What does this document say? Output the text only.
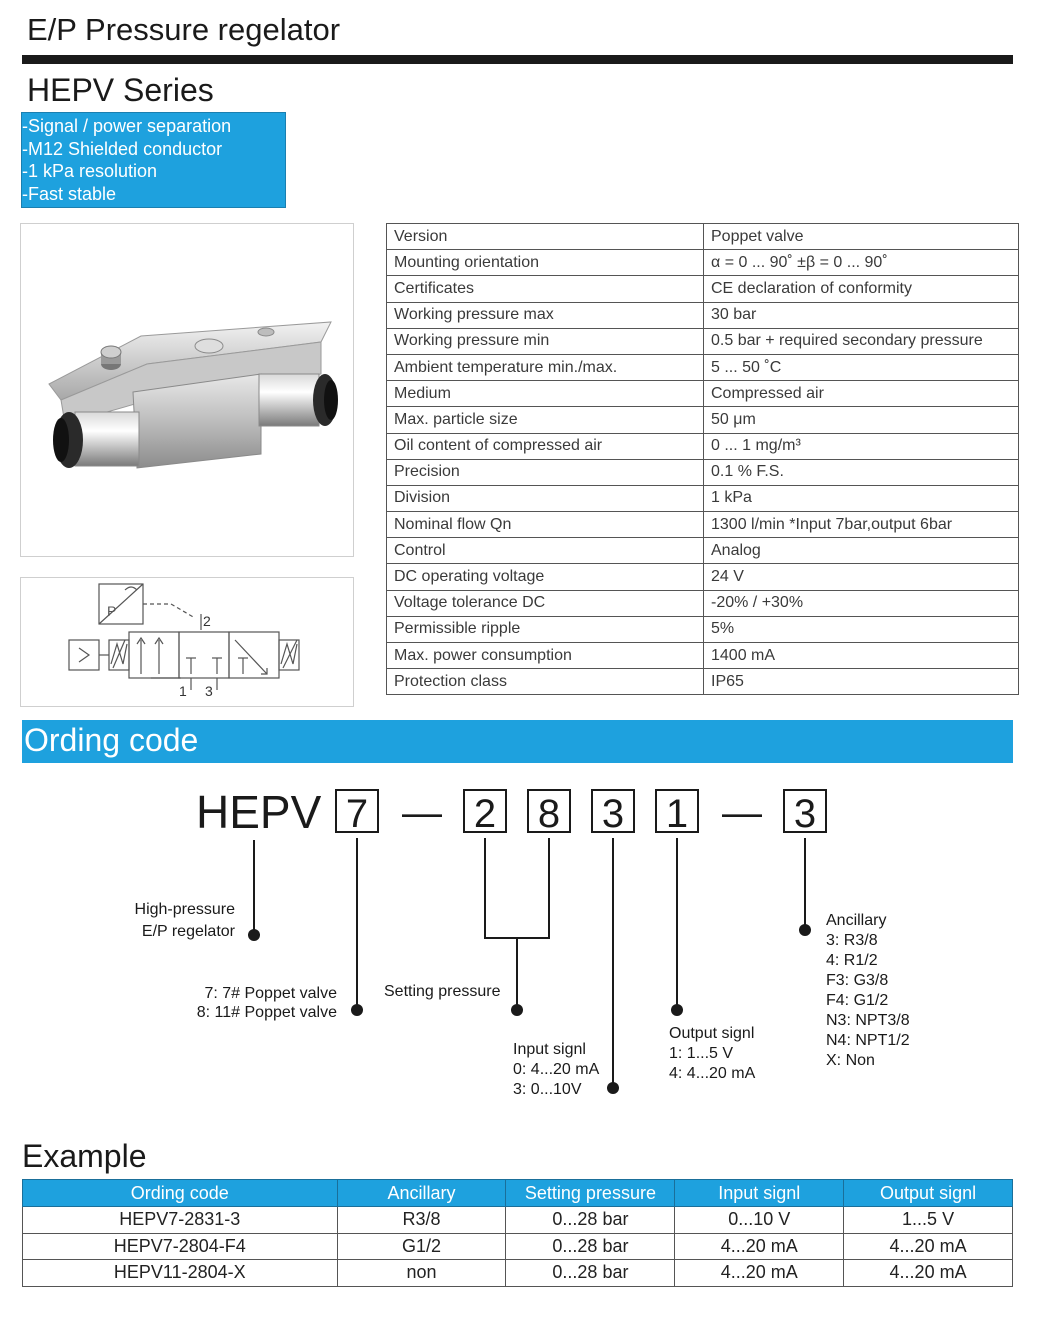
E/P Pressure regelator
HEPV Series
-Signal / power separation
-M12 Shielded conductor
-1 kPa resolution
-Fast stable
P
2
1 3
Version	Poppet valve
Mounting orientation	α = 0 ... 90˚ ±β = 0 ... 90˚
Certificates	CE declaration of conformity
Working pressure max	30 bar
Working pressure min	0.5 bar + required secondary pressure
Ambient temperature min./max.	5 ... 50 ˚C
Medium	Compressed air
Max. particle size	50 μm
Oil content of compressed air	0 ... 1 mg/m³
Precision	0.1 % F.S.
Division	1 kPa
Nominal flow Qn	1300 l/min *Input 7bar,output 6bar
Control	Analog
DC operating voltage	24 V
Voltage tolerance DC	-20% / +30%
Permissible ripple	5%
Max. power consumption	1400 mA
Protection class	IP65
Ording code
HEPV 7 — 2 8 3 1 — 3
High-pressure
E/P regelator
7: 7# Poppet valve
8: 11# Poppet valve
Setting pressure
Input signl
0: 4...20 mA
3: 0...10V
Output signl
1: 1...5 V
4: 4...20 mA
Ancillary
3: R3/8
4: R1/2
F3: G3/8
F4: G1/2
N3: NPT3/8
N4: NPT1/2
X: Non
Example
Ording code	Ancillary	Setting pressure	Input signl	Output signl
HEPV7-2831-3	R3/8	0...28 bar	0...10 V	1...5 V
HEPV7-2804-F4	G1/2	0...28 bar	4...20 mA	4...20 mA
HEPV11-2804-X	non	0...28 bar	4...20 mA	4...20 mA
